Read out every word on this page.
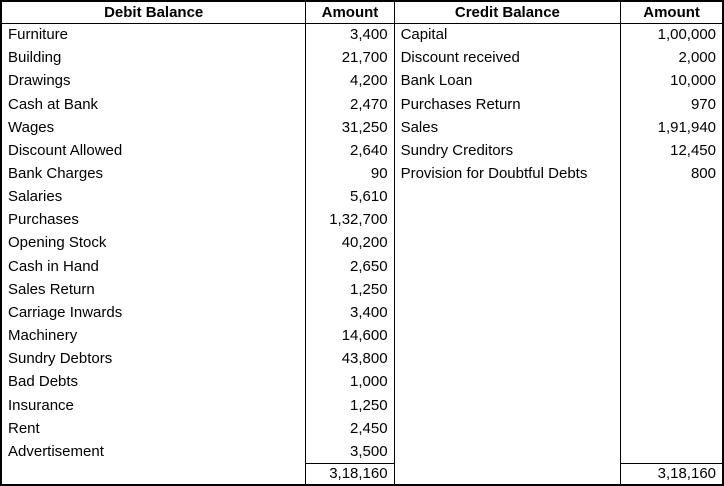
Debit Balance	Amount	Credit Balance	Amount
Furniture	3,400	Capital	1,00,000
Building	21,700	Discount received	2,000
Drawings	4,200	Bank Loan	10,000
Cash at Bank	2,470	Purchases Return	970
Wages	31,250	Sales	1,91,940
Discount Allowed	2,640	Sundry Creditors	12,450
Bank Charges	90	Provision for Doubtful Debts	800
Salaries	5,610		
Purchases	1,32,700		
Opening Stock	40,200		
Cash in Hand	2,650		
Sales Return	1,250		
Carriage Inwards	3,400		
Machinery	14,600		
Sundry Debtors	43,800		
Bad Debts	1,000		
Insurance	1,250		
Rent	2,450		
Advertisement	3,500		
	3,18,160		3,18,160
